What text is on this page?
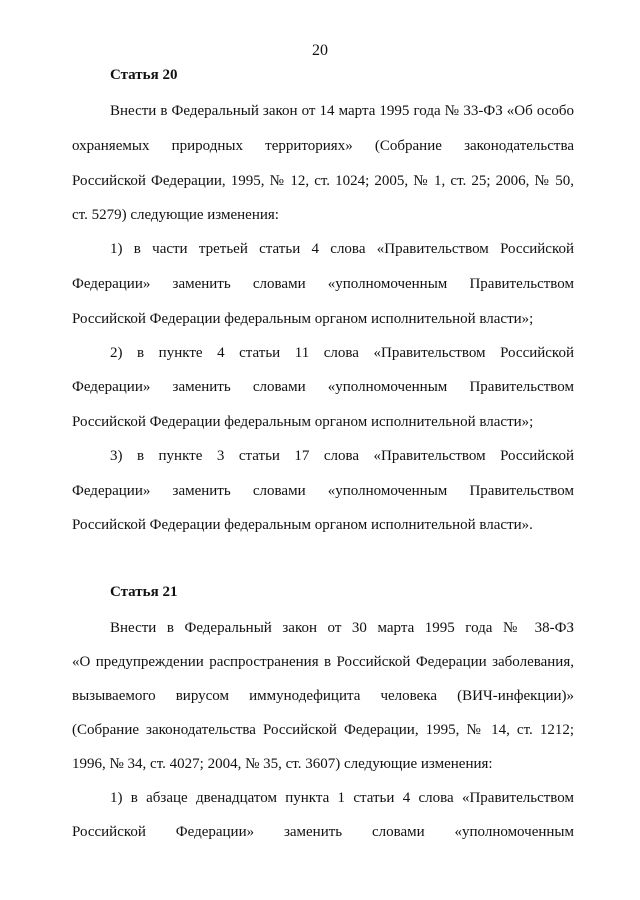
20
Статья 20
Внести в Федеральный закон от 14 марта 1995 года № 33-ФЗ «Об особо
охраняемых природных территориях» (Собрание законодательства
Российской Федерации, 1995, № 12, ст. 1024; 2005, № 1, ст. 25; 2006, № 50,
ст. 5279) следующие изменения:
1) в части третьей статьи 4 слова «Правительством Российской
Федерации» заменить словами «уполномоченным Правительством
Российской Федерации федеральным органом исполнительной власти»;
2) в пункте 4 статьи 11 слова «Правительством Российской
Федерации» заменить словами «уполномоченным Правительством
Российской Федерации федеральным органом исполнительной власти»;
3) в пункте 3 статьи 17 слова «Правительством Российской
Федерации» заменить словами «уполномоченным Правительством
Российской Федерации федеральным органом исполнительной власти».
Статья 21
Внести в Федеральный закон от 30 марта 1995 года № 38-ФЗ
«О предупреждении распространения в Российской Федерации заболевания,
вызываемого вирусом иммунодефицита человека (ВИЧ-инфекции)»
(Собрание законодательства Российской Федерации, 1995, № 14, ст. 1212;
1996, № 34, ст. 4027; 2004, № 35, ст. 3607) следующие изменения:
1) в абзаце двенадцатом пункта 1 статьи 4 слова «Правительством
Российской Федерации» заменить словами «уполномоченным
